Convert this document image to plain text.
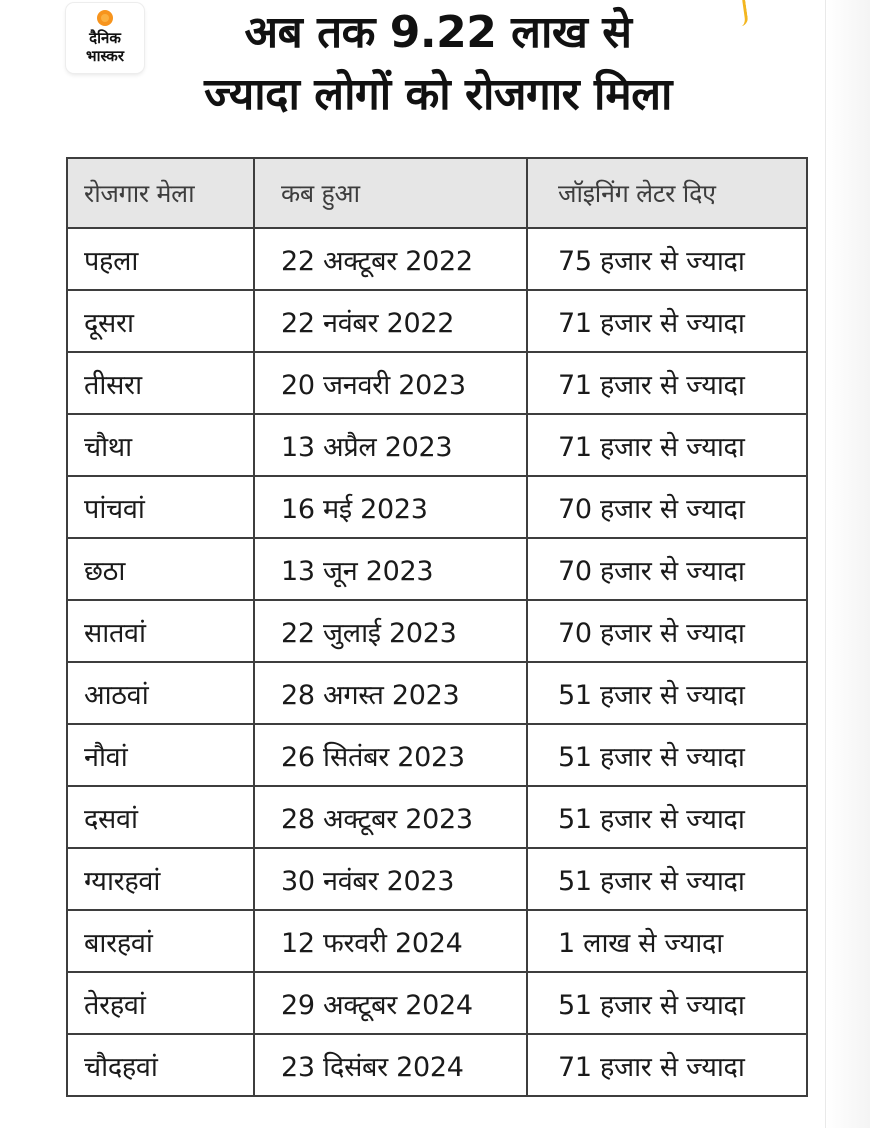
दैनिक
भास्कर	अब तक 9.22 लाख से
ज्यादा लोगों को रोजगार मिला
रोजगार मेला	कब हुआ	जॉइनिंग लेटर दिए
पहला	22 अक्टूबर 2022	75 हजार से ज्यादा
दूसरा	22 नवंबर 2022	71 हजार से ज्यादा
तीसरा	20 जनवरी 2023	71 हजार से ज्यादा
चौथा	13 अप्रैल 2023	71 हजार से ज्यादा
पांचवां	16 मई 2023	70 हजार से ज्यादा
छठा	13 जून 2023	70 हजार से ज्यादा
सातवां	22 जुलाई 2023	70 हजार से ज्यादा
आठवां	28 अगस्त 2023	51 हजार से ज्यादा
नौवां	26 सितंबर 2023	51 हजार से ज्यादा
दसवां	28 अक्टूबर 2023	51 हजार से ज्यादा
ग्यारहवां	30 नवंबर 2023	51 हजार से ज्यादा
बारहवां	12 फरवरी 2024	1 लाख से ज्यादा
तेरहवां	29 अक्टूबर 2024	51 हजार से ज्यादा
चौदहवां	23 दिसंबर 2024	71 हजार से ज्यादा
